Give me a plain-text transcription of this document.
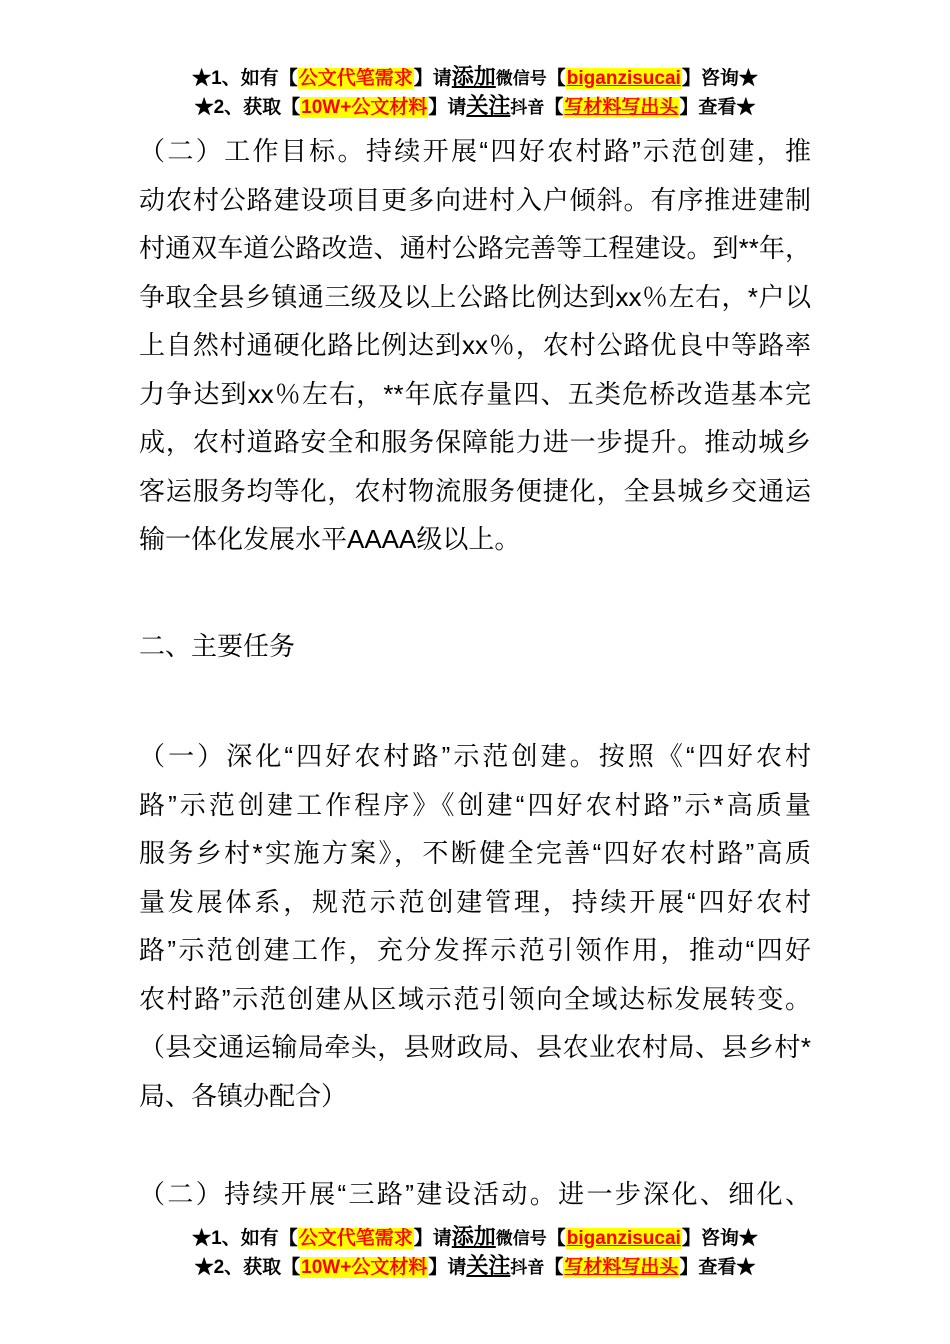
★1、如有【公文代笔需求】请添加微信号【biganzisucai】咨询★
★2、获取【10W+公文材料】请关注抖音【写材料写出头】查看★
（二）工作目标。持续开展“四好农村路”示范创建，推
动农村公路建设项目更多向进村入户倾斜。有序推进建制
村通双车道公路改造、通村公路完善等工程建设。到**年，
争取全县乡镇通三级及以上公路比例达到xx％左右，*户以
上自然村通硬化路比例达到xx％，农村公路优良中等路率
力争达到xx％左右，**年底存量四、五类危桥改造基本完
成，农村道路安全和服务保障能力进一步提升。推动城乡
客运服务均等化，农村物流服务便捷化，全县城乡交通运
输一体化发展水平AAAA级以上。
二、主要任务
（一）深化“四好农村路”示范创建。按照《“四好农村
路”示范创建工作程序》《创建“四好农村路”示*高质量
服务乡村*实施方案》，不断健全完善“四好农村路”高质
量发展体系，规范示范创建管理，持续开展“四好农村
路”示范创建工作，充分发挥示范引领作用，推动“四好
农村路”示范创建从区域示范引领向全域达标发展转变。
（县交通运输局牵头，县财政局、县农业农村局、县乡村*
局、各镇办配合）
（二）持续开展“三路”建设活动。进一步深化、细化、
★1、如有【公文代笔需求】请添加微信号【biganzisucai】咨询★
★2、获取【10W+公文材料】请关注抖音【写材料写出头】查看★
